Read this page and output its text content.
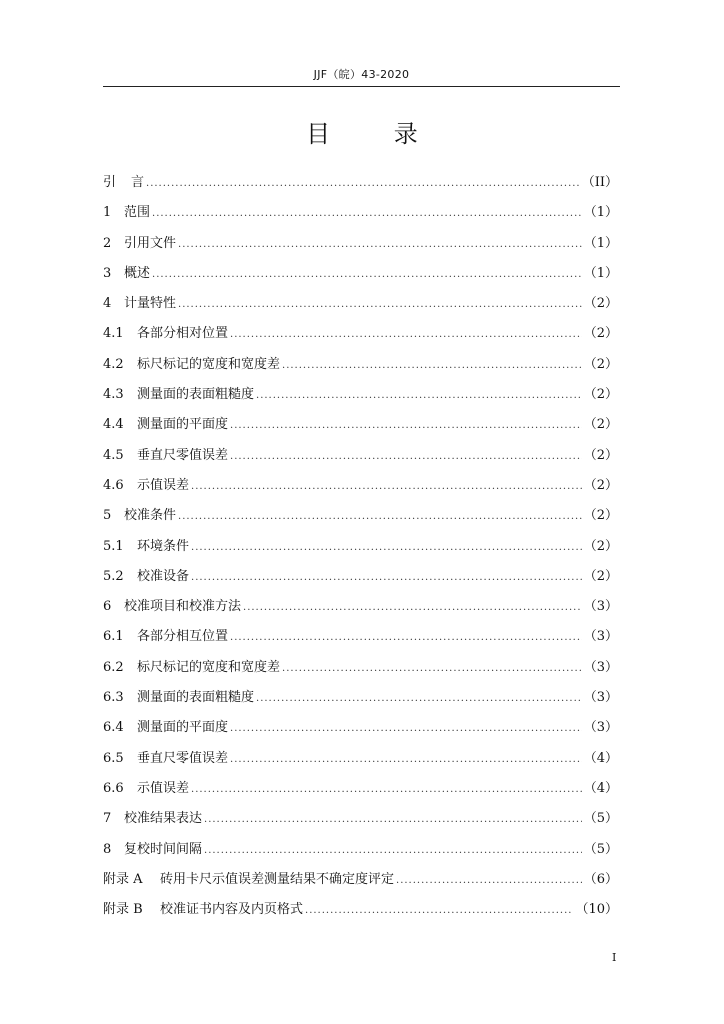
JJF（皖）43-2020
目 录
引	言 .....	（II）
1 范围 .....	（1）
2 引用文件 .....	（1）
3 概述 .....	（1）
4 计量特性 .....	（2）
4.1	各部分相对位置 .....	（2）
4.2	标尺标记的宽度和宽度差 .....	（2）
4.3	测量面的表面粗糙度 .....	（2）
4.4	测量面的平面度 .....	（2）
4.5	垂直尺零值误差 .....	（2）
4.6	示值误差 .....	（2）
5 校准条件 .....	（2）
5.1	环境条件 .....	（2）
5.2	校准设备 .....	（2）
6 校准项目和校准方法 .....	（3）
6.1	各部分相互位置 .....	（3）
6.2	标尺标记的宽度和宽度差 .....	（3）
6.3	测量面的表面粗糙度 .....	（3）
6.4	测量面的平面度 .....	（3）
6.5	垂直尺零值误差 .....	（4）
6.6	示值误差 .....	（4）
7 校准结果表达 .....	（5）
8 复校时间间隔 .....	（5）
附录 A	砖用卡尺示值误差测量结果不确定度评定 .....	（6）
附录 B	校准证书内容及内页格式 .....	（10）
I
